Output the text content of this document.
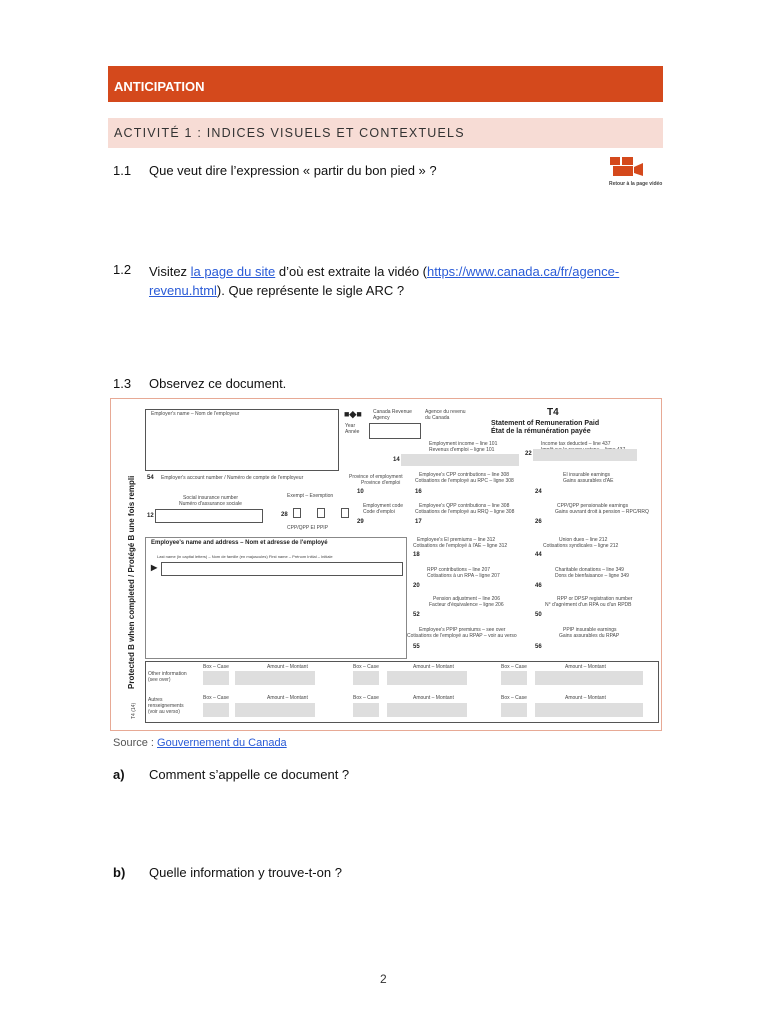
ANTICIPATION
ACTIVITÉ 1 : INDICES VISUELS ET CONTEXTUELS
1.1 Que veut dire l’expression « partir du bon pied » ?
Retour à la page vidéo
1.2 Visitez la page du site d’où est extraite la vidéo (https://www.canada.ca/fr/agence-
revenu.html). Que représente le sigle ARC ?
1.3 Observez ce document.
Employer's name – Nom de l'employeur	■◆■ Canada Revenue
Agency
Agence du revenu
du Canada	T4
Statement of Remuneration Paid
État de la rémunération payée
Year
Année
Employment income – line 101
Revenus d'emploi – ligne 101
Income tax deducted – line 437
14
22
54 Employer's account number / Numéro de compte de l'employeur	Province of employment
Province d'emploi
10
Employee's CPP contributions – line 308
Cotisations de l'employé au RPC – ligne 308
16
EI insurable earnings
Gains assurables d'AE
24
Social insurance number
Numéro d'assurance sociale
Exempt – Exemption
12	28
CPP/QPP EI PPIP
Employment code
Code d'emploi
29
Employee's QPP contributions – line 308
Cotisations de l'employé au RRQ – ligne 308
17
CPP/QPP pensionable earnings
Gains ouvrant droit à pension – RPC/RRQ
26
Protected B when completed / Protégé B une fois rempli	Employee's name and address – Nom et adresse de l'employé
Last name (in capital letters) – Nom de famille (en majuscules) First name – Prénom Initial – Initiale
▶
Employee's EI premiums – line 312
Cotisations de l'employé à l'AE – ligne 312
18
Union dues – line 212
Cotisations syndicales – ligne 212
44
RPP contributions – line 207
Cotisations à un RPA – ligne 207
20
Charitable donations – line 349
Dons de bienfaisance – ligne 349
46
Pension adjustment – line 206
Facteur d'équivalence – ligne 206
52
RPP or DPSP registration number
N° d'agrément d'un RPA ou d'un RPDB
50
Employee's PPIP premiums – see over
Cotisations de l'employé au RPAP – voir au verso
55
PPIP insurable earnings
Gains assurables du RPAP
56
Other information
(see over)
Autres
renseignements
(voir au verso)
Box – Case	Amount – Montant	Box – Case	Amount – Montant	Box – Case	Amount – Montant
Box – Case	Amount – Montant	Box – Case	Amount – Montant	Box – Case	Amount – Montant
T4 (14)
Source : Gouvernement du Canada
a) Comment s’appelle ce document ?
b) Quelle information y trouve-t-on ?
2
